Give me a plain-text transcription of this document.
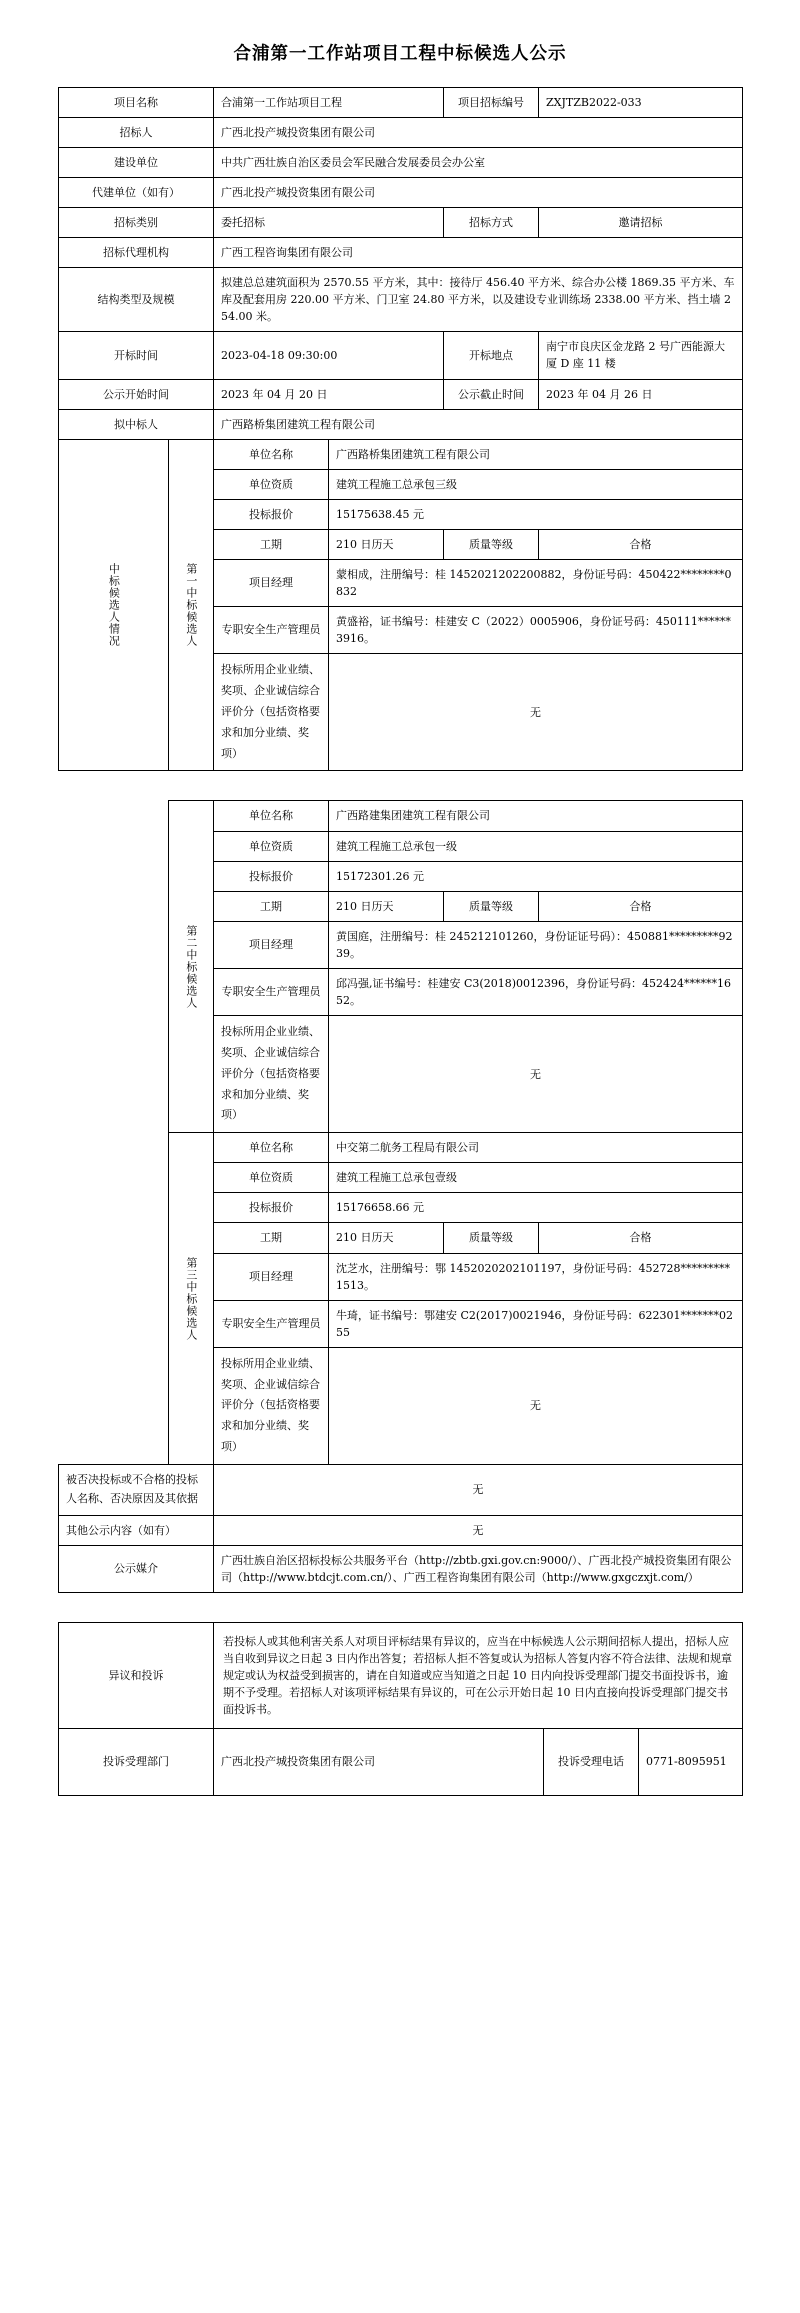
合浦第一工作站项目工程中标候选人公示
项目名称		合浦第一工作站项目工程		项目招标编号	ZXJTZB2022-033
招标人		广西北投产城投资集团有限公司			
建设单位		中共广西壮族自治区委员会军民融合发展委员会办公室			
代建单位（如有）		广西北投产城投资集团有限公司			
招标类别		委托招标		招标方式	邀请招标
招标代理机构		广西工程咨询集团有限公司			
结构类型及规模		拟建总总建筑面积为 2570.55 平方米，其中：接待厅 456.40 平方米、综合办公楼 1869.35 平方米、车库及配套用房 220.00 平方米、门卫室 24.80 平方米，以及建设专业训练场 2338.00 平方米、挡土墙 254.00 米。			
开标时间		2023-04-18 09:30:00		开标地点	南宁市良庆区金龙路 2 号广西能源大厦 D 座 11 楼
公示开始时间		2023 年 04 月 20 日		公示截止时间	2023 年 04 月 26 日
拟中标人		广西路桥集团建筑工程有限公司			

中标候选人情况	第一中标候选人	单位名称	广西路桥集团建筑工程有限公司		
		单位资质	建筑工程施工总承包三级		
		投标报价	15175638.45 元		
		工期	210 日历天	质量等级	合格
		项目经理	蒙相成，注册编号：桂 1452021202200882，身份证号码：450422********0832		
		专职安全生产管理员	黄盛裕，证书编号：桂建安 C（2022）0005906，身份证号码：450111******3916。		
		投标所用企业业绩、奖项、企业诚信综合评价分（包括资格要求和加分业绩、奖项）	无		

	第二中标候选人	单位名称	广西路建集团建筑工程有限公司		
		单位资质	建筑工程施工总承包一级		
		投标报价	15172301.26 元		
		工期	210 日历天	质量等级	合格
		项目经理	黄国庭，注册编号：桂 245212101260，身份证证号码）：450881*********9239。		
		专职安全生产管理员	邱冯强,证书编号：桂建安 C3(2018)0012396，身份证号码：452424******1652。		
		投标所用企业业绩、奖项、企业诚信综合评价分（包括资格要求和加分业绩、奖项）	无		

	第三中标候选人	单位名称	中交第二航务工程局有限公司		
		单位资质	建筑工程施工总承包壹级		
		投标报价	15176658.66 元		
		工期	210 日历天	质量等级	合格
		项目经理	沈芝水，注册编号：鄂 1452020202101197，身份证号码：452728*********1513。		
		专职安全生产管理员	牛琦，证书编号：鄂建安 C2(2017)0021946，身份证号码：622301*******0255		
		投标所用企业业绩、奖项、企业诚信综合评价分（包括资格要求和加分业绩、奖项）	无		
被否决投标或不合格的投标人名称、否决原因及其依据		无			
其他公示内容（如有）		无			
公示媒介		广西壮族自治区招标投标公共服务平台（http://zbtb.gxi.gov.cn:9000/）、广西北投产城投资集团有限公司（http://www.btdcjt.com.cn/）、广西工程咨询集团有限公司（http://www.gxgczxjt.com/）			

异议和投诉	若投标人或其他利害关系人对项目评标结果有异议的，应当在中标候选人公示期间招标人提出，招标人应当自收到异议之日起 3 日内作出答复；若招标人拒不答复或认为招标人答复内容不符合法律、法规和规章规定或认为权益受到损害的，请在自知道或应当知道之日起 10 日内向投诉受理部门提交书面投诉书，逾期不予受理。若招标人对该项评标结果有异议的，可在公示开始日起 10 日内直接向投诉受理部门提交书面投诉书。		
投诉受理部门	广西北投产城投资集团有限公司	投诉受理电话	0771-8095951
